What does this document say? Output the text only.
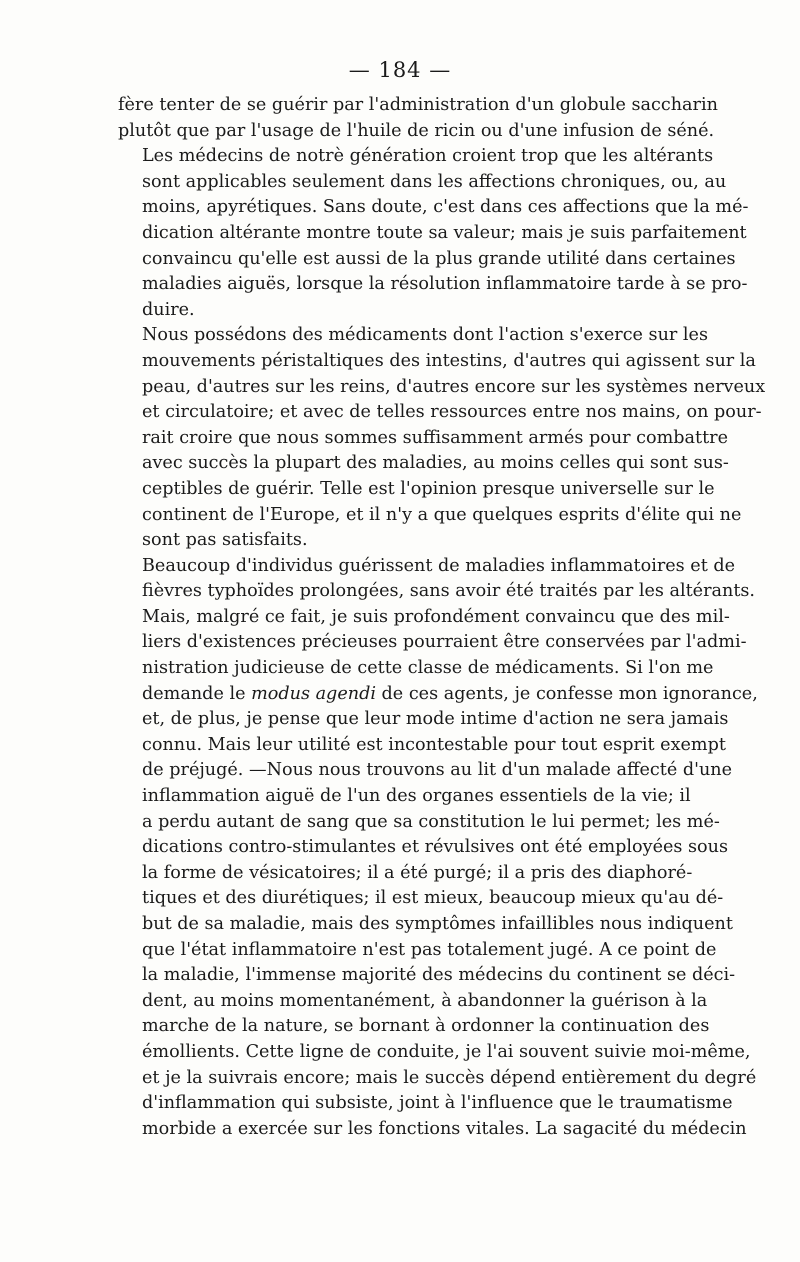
— 184 —
fère tenter de se guérir par l'administration d'un globule saccharin
plutôt que par l'usage de l'huile de ricin ou d'une infusion de séné.
Les médecins de notrè génération croient trop que les altérants
sont applicables seulement dans les affections chroniques, ou, au
moins, apyrétiques. Sans doute, c'est dans ces affections que la mé-
dication altérante montre toute sa valeur; mais je suis parfaitement
convaincu qu'elle est aussi de la plus grande utilité dans certaines
maladies aiguës, lorsque la résolution inflammatoire tarde à se pro-
duire.
Nous possédons des médicaments dont l'action s'exerce sur les
mouvements péristaltiques des intestins, d'autres qui agissent sur la
peau, d'autres sur les reins, d'autres encore sur les systèmes nerveux
et circulatoire; et avec de telles ressources entre nos mains, on pour-
rait croire que nous sommes suffisamment armés pour combattre
avec succès la plupart des maladies, au moins celles qui sont sus-
ceptibles de guérir. Telle est l'opinion presque universelle sur le
continent de l'Europe, et il n'y a que quelques esprits d'élite qui ne
sont pas satisfaits.
Beaucoup d'individus guérissent de maladies inflammatoires et de
fièvres typhoïdes prolongées, sans avoir été traités par les altérants.
Mais, malgré ce fait, je suis profondément convaincu que des mil-
liers d'existences précieuses pourraient être conservées par l'admi-
nistration judicieuse de cette classe de médicaments. Si l'on me
demande le modus agendi de ces agents, je confesse mon ignorance,
et, de plus, je pense que leur mode intime d'action ne sera jamais
connu. Mais leur utilité est incontestable pour tout esprit exempt
de préjugé. —Nous nous trouvons au lit d'un malade affecté d'une
inflammation aiguë de l'un des organes essentiels de la vie; il
a perdu autant de sang que sa constitution le lui permet; les mé-
dications contro-stimulantes et révulsives ont été employées sous
la forme de vésicatoires; il a été purgé; il a pris des diaphoré-
tiques et des diurétiques; il est mieux, beaucoup mieux qu'au dé-
but de sa maladie, mais des symptômes infaillibles nous indiquent
que l'état inflammatoire n'est pas totalement jugé. A ce point de
la maladie, l'immense majorité des médecins du continent se déci-
dent, au moins momentanément, à abandonner la guérison à la
marche de la nature, se bornant à ordonner la continuation des
émollients. Cette ligne de conduite, je l'ai souvent suivie moi-même,
et je la suivrais encore; mais le succès dépend entièrement du degré
d'inflammation qui subsiste, joint à l'influence que le traumatisme
morbide a exercée sur les fonctions vitales. La sagacité du médecin
